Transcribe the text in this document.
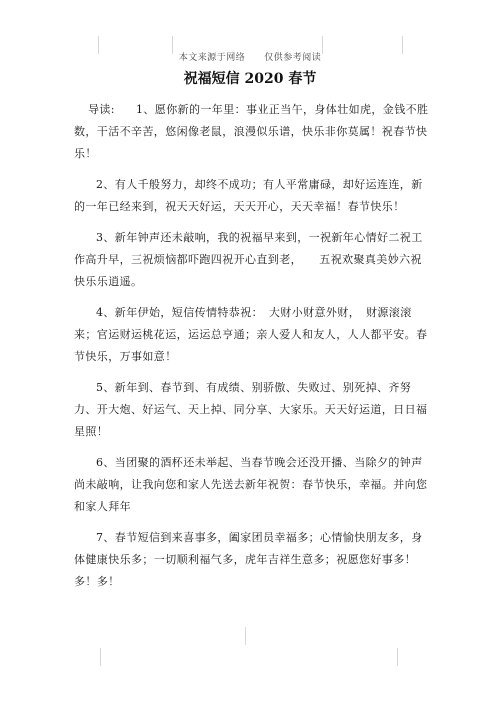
本文来源于网络　　仅供参考阅读
祝福短信 2020 春节

导读: 1、愿你新的一年里：事业正当午，身体壮如虎，金钱不胜数，干活不辛苦，悠闲像老鼠，浪漫似乐谱，快乐非你莫属！祝春节快乐！

2、有人千般努力，却终不成功；有人平常庸碌，却好运连连，新的一年已经来到，祝天天好运，天天开心，天天幸福！春节快乐！

3、新年钟声还未敲响，我的祝福早来到，一祝新年心情好二祝工作高升早，三祝烦恼都吓跑四祝开心直到老，　　五祝欢聚真美妙六祝快乐乐逍遥。

4、新年伊始，短信传情特恭祝：　大财小财意外财，　财源滚滚来；官运财运桃花运，运运总亨通；亲人爱人和友人，人人都平安。春节快乐，万事如意！

5、新年到、春节到、有成绩、别骄傲、失败过、别死掉、齐努力、开大炮、好运气、天上掉、同分享、大家乐。天天好运道，日日福星照！

6、当团聚的酒杯还未举起、当春节晚会还没开播、当除夕的钟声尚未敲响，让我向您和家人先送去新年祝贺：春节快乐，幸福。并向您和家人拜年

7、春节短信到来喜事多，阖家团员幸福多；心情愉快朋友多，身体健康快乐多；一切顺利福气多，虎年吉祥生意多；祝愿您好事多！多！多！
